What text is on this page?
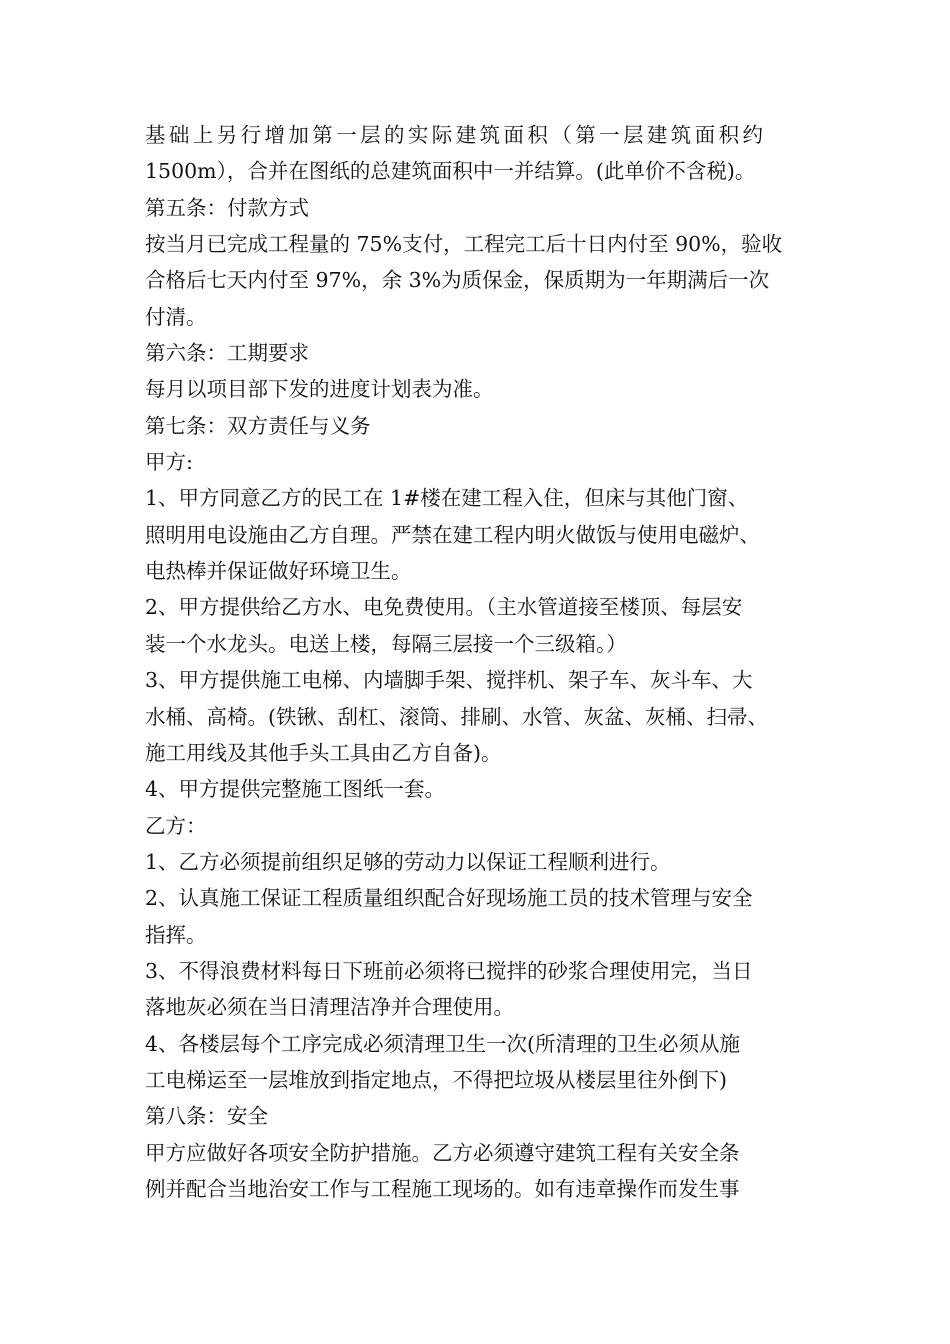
基础上另行增加第一层的实际建筑面积（第一层建筑面积约
1500m），合并在图纸的总建筑面积中一并结算。(此单价不含税)。
第五条：付款方式
按当月已完成工程量的 75%支付，工程完工后十日内付至 90%，验收
合格后七天内付至 97%，余 3%为质保金，保质期为一年期满后一次
付清。
第六条：工期要求
每月以项目部下发的进度计划表为准。
第七条：双方责任与义务
甲方:
1、甲方同意乙方的民工在 1#楼在建工程入住，但床与其他门窗、
照明用电设施由乙方自理。严禁在建工程内明火做饭与使用电磁炉、
电热棒并保证做好环境卫生。
2、甲方提供给乙方水、电免费使用。（主水管道接至楼顶、每层安
装一个水龙头。电送上楼，每隔三层接一个三级箱。）
3、甲方提供施工电梯、内墙脚手架、搅拌机、架子车、灰斗车、大
水桶、高椅。(铁锹、刮杠、滚筒、排刷、水管、灰盆、灰桶、扫帚、
施工用线及其他手头工具由乙方自备)。
4、甲方提供完整施工图纸一套。
乙方：
1、乙方必须提前组织足够的劳动力以保证工程顺利进行。
2、认真施工保证工程质量组织配合好现场施工员的技术管理与安全
指挥。
3、不得浪费材料每日下班前必须将已搅拌的砂浆合理使用完，当日
落地灰必须在当日清理洁净并合理使用。
4、各楼层每个工序完成必须清理卫生一次(所清理的卫生必须从施
工电梯运至一层堆放到指定地点，不得把垃圾从楼层里往外倒下)
第八条：安全
甲方应做好各项安全防护措施。乙方必须遵守建筑工程有关安全条
例并配合当地治安工作与工程施工现场的。如有违章操作而发生事
